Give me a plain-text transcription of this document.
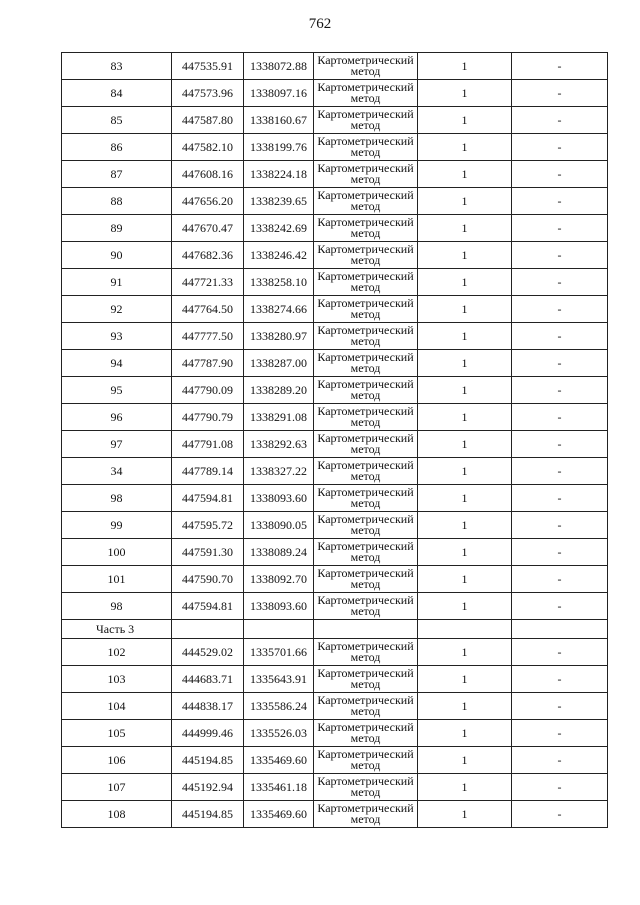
762
83	447535.91	1338072.88	Картометрический метод	1	-
84	447573.96	1338097.16	Картометрический метод	1	-
85	447587.80	1338160.67	Картометрический метод	1	-
86	447582.10	1338199.76	Картометрический метод	1	-
87	447608.16	1338224.18	Картометрический метод	1	-
88	447656.20	1338239.65	Картометрический метод	1	-
89	447670.47	1338242.69	Картометрический метод	1	-
90	447682.36	1338246.42	Картометрический метод	1	-
91	447721.33	1338258.10	Картометрический метод	1	-
92	447764.50	1338274.66	Картометрический метод	1	-
93	447777.50	1338280.97	Картометрический метод	1	-
94	447787.90	1338287.00	Картометрический метод	1	-
95	447790.09	1338289.20	Картометрический метод	1	-
96	447790.79	1338291.08	Картометрический метод	1	-
97	447791.08	1338292.63	Картометрический метод	1	-
34	447789.14	1338327.22	Картометрический метод	1	-
98	447594.81	1338093.60	Картометрический метод	1	-
99	447595.72	1338090.05	Картометрический метод	1	-
100	447591.30	1338089.24	Картометрический метод	1	-
101	447590.70	1338092.70	Картометрический метод	1	-
98	447594.81	1338093.60	Картометрический метод	1	-
Часть 3					
102	444529.02	1335701.66	Картометрический метод	1	-
103	444683.71	1335643.91	Картометрический метод	1	-
104	444838.17	1335586.24	Картометрический метод	1	-
105	444999.46	1335526.03	Картометрический метод	1	-
106	445194.85	1335469.60	Картометрический метод	1	-
107	445192.94	1335461.18	Картометрический метод	1	-
108	445194.85	1335469.60	Картометрический метод	1	-
